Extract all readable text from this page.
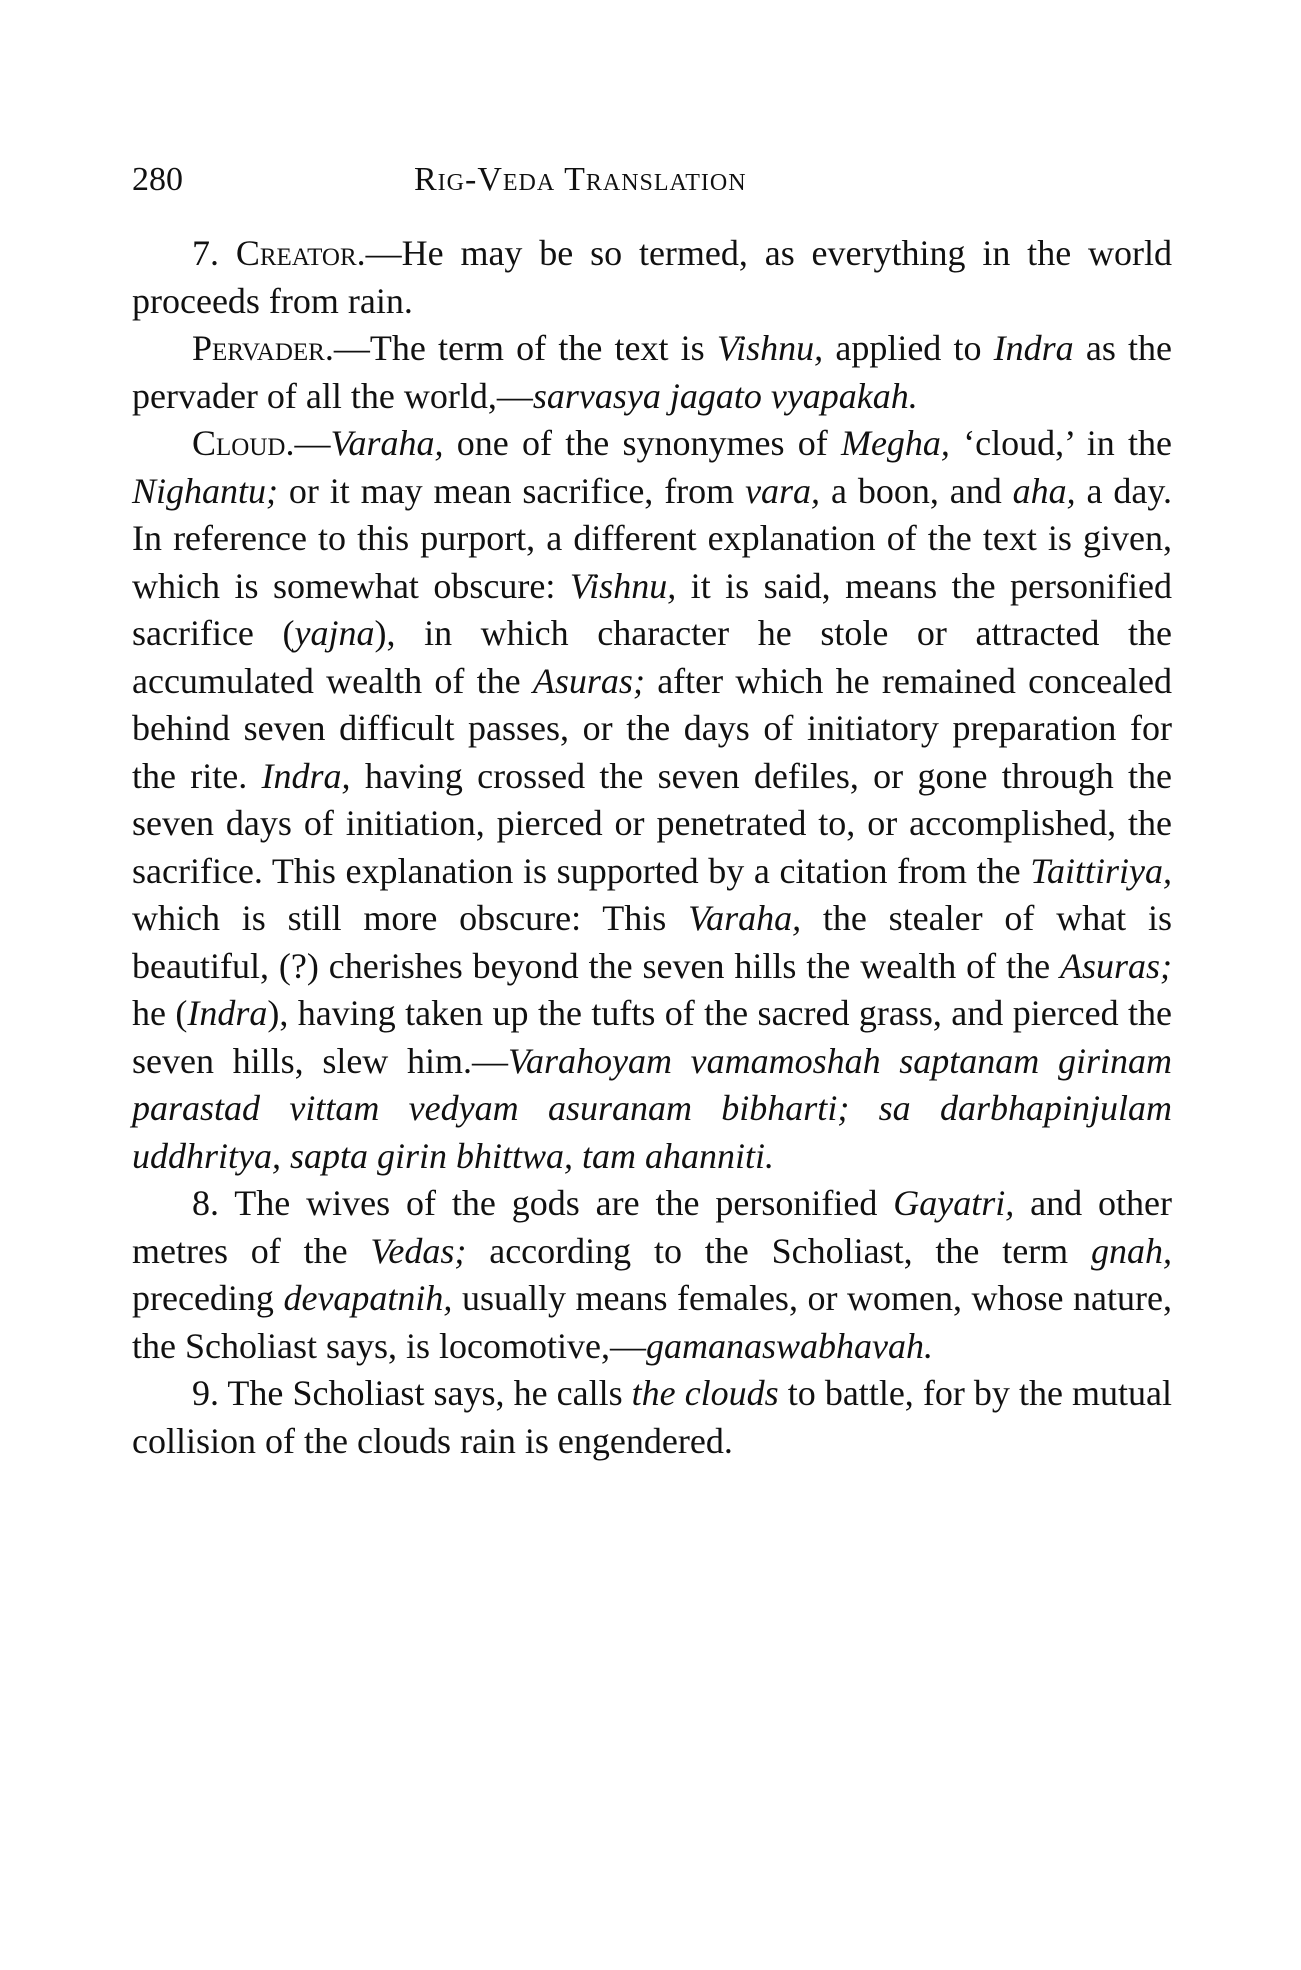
280	Rig-Veda Translation

7. Creator.—He may be so termed, as everything in the world proceeds from rain.

Pervader.—The term of the text is Vishnu, applied to Indra as the pervader of all the world,—sarvasya jagato vyapakah.

Cloud.—Varaha, one of the synonymes of Megha, ‘cloud,’ in the Nighantu; or it may mean sacrifice, from vara, a boon, and aha, a day. In reference to this purport, a different explanation of the text is given, which is somewhat obscure: Vishnu, it is said, means the personified sacrifice (yajna), in which character he stole or attracted the accumulated wealth of the Asuras; after which he remained concealed behind seven difficult passes, or the days of initiatory preparation for the rite. Indra, having crossed the seven defiles, or gone through the seven days of initiation, pierced or penetrated to, or accomplished, the sacrifice. This explanation is supported by a citation from the Taittiriya, which is still more obscure: This Varaha, the stealer of what is beautiful, (?) cherishes beyond the seven hills the wealth of the Asuras; he (Indra), having taken up the tufts of the sacred grass, and pierced the seven hills, slew him.—Varahoyam vamamoshah saptanam girinam parastad vittam vedyam asuranam bibharti; sa darbhapinjulam uddhritya, sapta girin bhittwa, tam ahanniti.

8. The wives of the gods are the personified Gayatri, and other metres of the Vedas; according to the Scholiast, the term gnah, preceding devapatnih, usually means females, or women, whose nature, the Scholiast says, is locomotive,—gamanaswabhavah.

9. The Scholiast says, he calls the clouds to battle, for by the mutual collision of the clouds rain is engendered.
